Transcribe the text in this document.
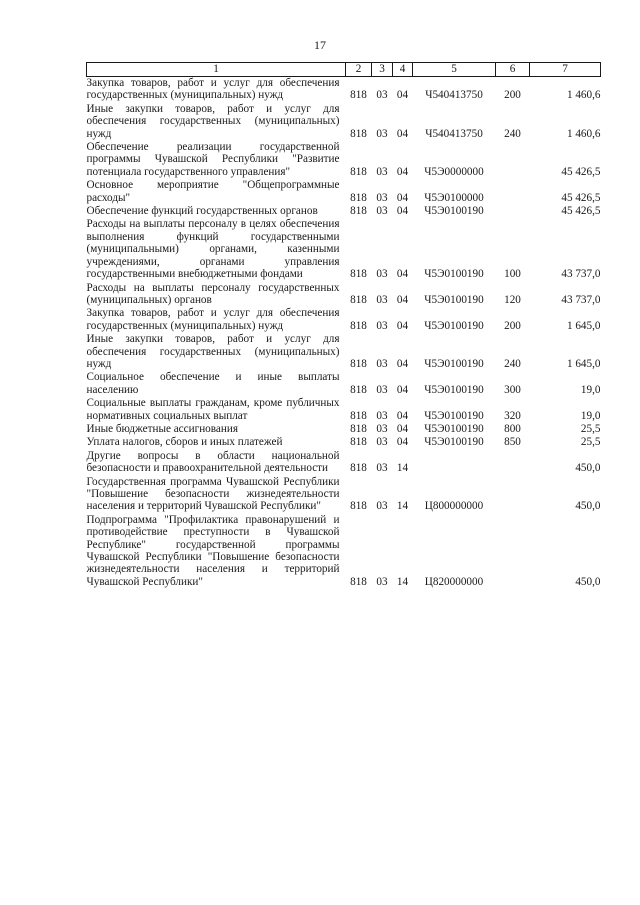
17
1	2	3	4	5	6	7
Закупка товаров, работ и услуг для обеспечения государственных (муниципальных) нужд	818	03	04	Ч540413750	200	1 460,6
Иные закупки товаров, работ и услуг для обеспечения государственных (муниципальных) нужд	818	03	04	Ч540413750	240	1 460,6
Обеспечение реализации государственной программы Чувашской Республики "Развитие потенциала государственного управления"	818	03	04	Ч5Э0000000		45 426,5
Основное мероприятие "Общепрограммные расходы"	818	03	04	Ч5Э0100000		45 426,5
Обеспечение функций государственных органов	818	03	04	Ч5Э0100190		45 426,5
Расходы на выплаты персоналу в целях обеспечения выполнения функций государственными (муниципальными) органами, казенными учреждениями, органами управления государственными внебюджетными фондами	818	03	04	Ч5Э0100190	100	43 737,0
Расходы на выплаты персоналу государственных (муниципальных) органов	818	03	04	Ч5Э0100190	120	43 737,0
Закупка товаров, работ и услуг для обеспечения государственных (муниципальных) нужд	818	03	04	Ч5Э0100190	200	1 645,0
Иные закупки товаров, работ и услуг для обеспечения государственных (муниципальных) нужд	818	03	04	Ч5Э0100190	240	1 645,0
Социальное обеспечение и иные выплаты населению	818	03	04	Ч5Э0100190	300	19,0
Социальные выплаты гражданам, кроме публичных нормативных социальных выплат	818	03	04	Ч5Э0100190	320	19,0
Иные бюджетные ассигнования	818	03	04	Ч5Э0100190	800	25,5
Уплата налогов, сборов и иных платежей	818	03	04	Ч5Э0100190	850	25,5
Другие вопросы в области национальной безопасности и правоохранительной деятельности	818	03	14			450,0
Государственная программа Чувашской Республики "Повышение безопасности жизнедеятельности населения и территорий Чувашской Республики"	818	03	14	Ц800000000		450,0
Подпрограмма "Профилактика правонарушений и противодействие преступности в Чувашской Республике" государственной программы Чувашской Республики "Повышение безопасности жизнедеятельности населения и территорий Чувашской Республики"	818	03	14	Ц820000000		450,0
